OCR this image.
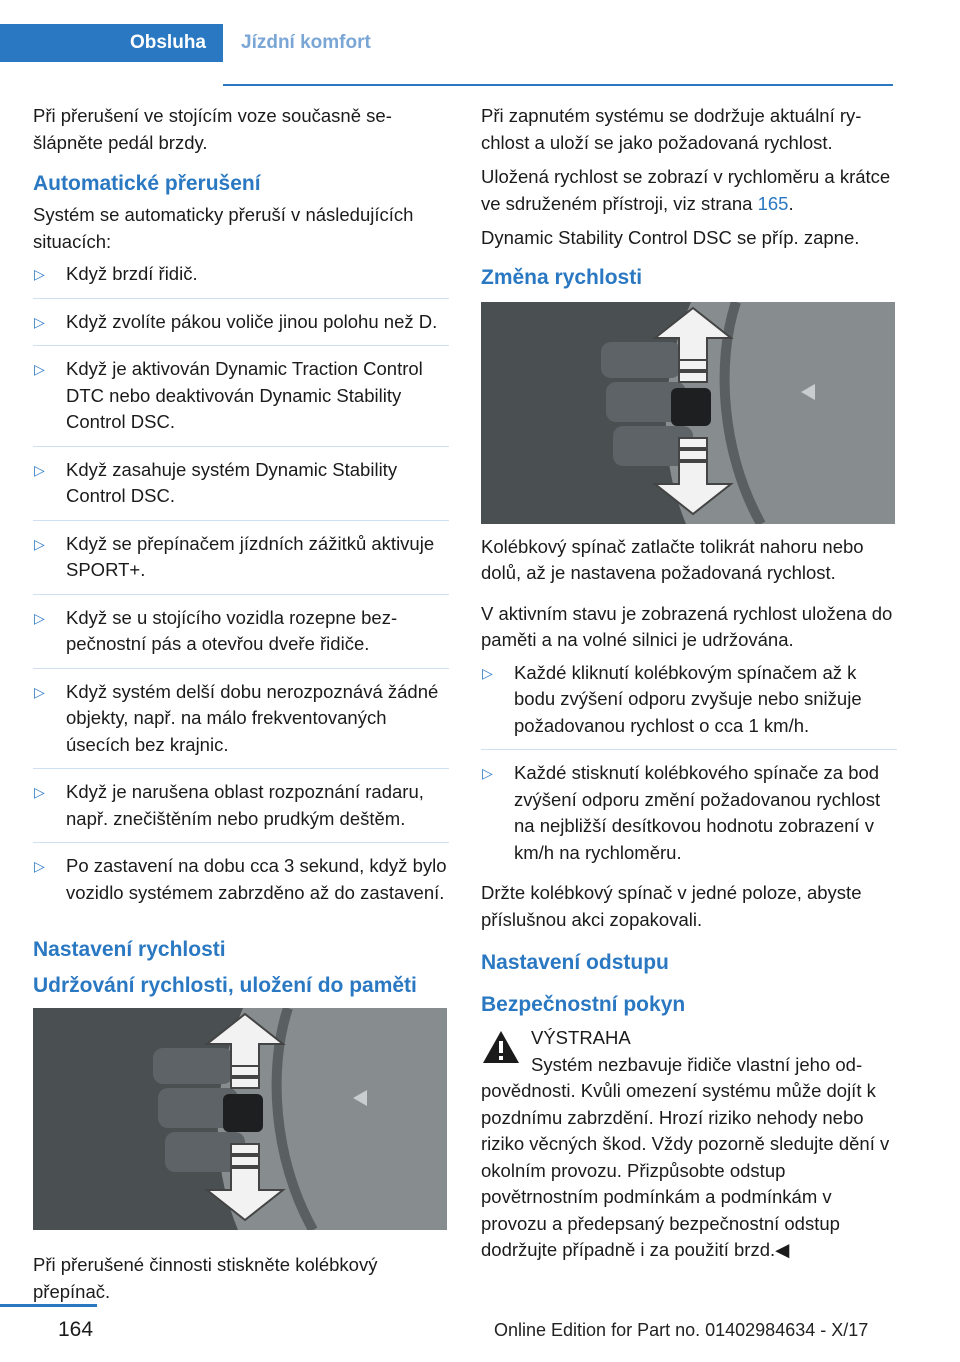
Obsluha Jízdní komfort

Při přerušení ve stojícím voze současně sešlápněte pedál brzdy.

Automatické přerušení

Systém se automaticky přeruší v následujících situacích:

▷ Když brzdí řidič.
▷ Když zvolíte pákou voliče jinou polohu než D.
▷ Když je aktivován Dynamic Traction Control DTC nebo deaktivován Dynamic Stability Control DSC.
▷ Když zasahuje systém Dynamic Stability Control DSC.
▷ Když se přepínačem jízdních zážitků aktivuje SPORT+.
▷ Když se u stojícího vozidla rozepne bezpečnostní pás a otevřou dveře řidiče.
▷ Když systém delší dobu nerozpoznává žádné objekty, např. na málo frekventovaných úsecích bez krajnic.
▷ Když je narušena oblast rozpoznání radaru, např. znečištěním nebo prudkým deštěm.
▷ Po zastavení na dobu cca 3 sekund, když bylo vozidlo systémem zabrzděno až do zastavení.
Nastavení rychlosti
Udržování rychlosti, uložení do paměti

Při přerušené činnosti stiskněte kolébkový přepínač.

Při zapnutém systému se dodržuje aktuální rychlost a uloží se jako požadovaná rychlost.

Uložená rychlost se zobrazí v rychloměru a krátce ve sdruženém přístroji, viz strana 165.

Dynamic Stability Control DSC se příp. zapne.

Změna rychlosti

Kolébkový spínač zatlačte tolikrát nahoru nebo dolů, až je nastavena požadovaná rychlost.

V aktivním stavu je zobrazená rychlost uložena do paměti a na volné silnici je udržována.

▷ Každé kliknutí kolébkovým spínačem až k bodu zvýšení odporu zvyšuje nebo snižuje požadovanou rychlost o cca 1 km/h.
▷ Každé stisknutí kolébkového spínače za bod zvýšení odporu změní požadovanou rychlost na nejbližší desítkovou hodnotu zobrazení v km/h na rychloměru.

Držte kolébkový spínač v jedné poloze, abyste příslušnou akci zopakovali.

Nastavení odstupu
Bezpečnostní pokyn
VÝSTRAHA
Systém nezbavuje řidiče vlastní jeho odpovědnosti. Kvůli omezení systému může dojít k pozdnímu zabrzdění. Hrozí riziko nehody nebo riziko věcných škod. Vždy pozorně sledujte dění v okolním provozu. Přizpůsobte odstup povětrnostním podmínkám a podmínkám v provozu a předepsaný bezpečnostní odstup dodržujte případně i za použití brzd.◀
164	Online Edition for Part no. 01402984634 - X/17
